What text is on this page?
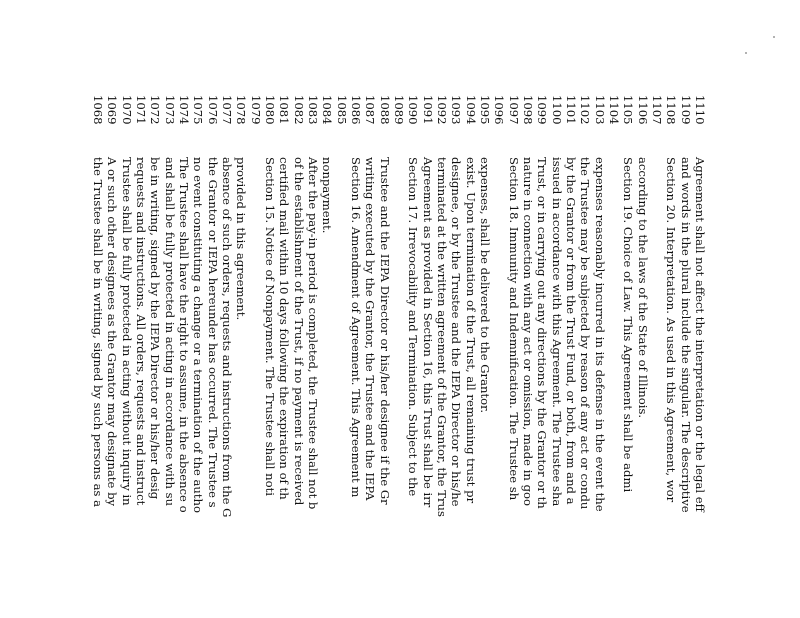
1068the Trustee shall be in writing, signed by such persons as a
1069A or such other designees as the Grantor may designate by
1070Trustee shall be fully protected in acting without inquiry in
1071requests and instructions. All orders, requests and instruct
1072be in writing, signed by the IEPA Director or his/her desig
1073and shall be fully protected in acting in accordance with su
1074The Trustee shall have the right to assume, in the absence o
1075no event constituting a change or a termination of the autho
1076the Grantor or IEPA hereunder has occurred. The Trustee s
1077absence of such orders, requests and instructions from the G
1078provided in this agreement.
1079 1080Section 15. Notice of Nonpayment. The Trustee shall noti
1081certified mail within 10 days following the expiration of th
1082of the establishment of the Trust, if no payment is received
1083After the pay-in period is completed, the Trustee shall not b
1084nonpayment.
1085 1086Section 16. Amendment of Agreement. This Agreement m
1087writing executed by the Grantor, the Trustee and the IEPA
1088Trustee and the IEPA Director or his/her designee if the Gr
1089 1090Section 17. Irrevocability and Termination. Subject to the
1091Agreement as provided in Section 16, this Trust shall be irr
1092terminated at the written agreement of the Grantor, the Trus
1093designee, or by the Trustee and the IEPA Director or his/he
1094exist. Upon termination of the Trust, all remaining trust pr
1095expenses, shall be delivered to the Grantor.
1096 1097Section 18. Immunity and Indemnification. The Trustee sh
1098nature in connection with any act or omission, made in goo
1099Trust, or in carrying out any directions by the Grantor or th
1100issued in accordance with this Agreement. The Trustee sha
1101by the Grantor or from the Trust Fund, or both, from and a
1102the Trustee may be subjected by reason of any act or condu
1103expenses reasonably incurred in its defense in the event the
1104 1105Section 19. Choice of Law. This Agreement shall be admi
1106according to the laws of the State of Illinois.
1107 1108Section 20. Interpretation. As used in this Agreement, wor
1109and words in the plural include the singular. The descriptive
1110Agreement shall not affect the interpretation or the legal eff
